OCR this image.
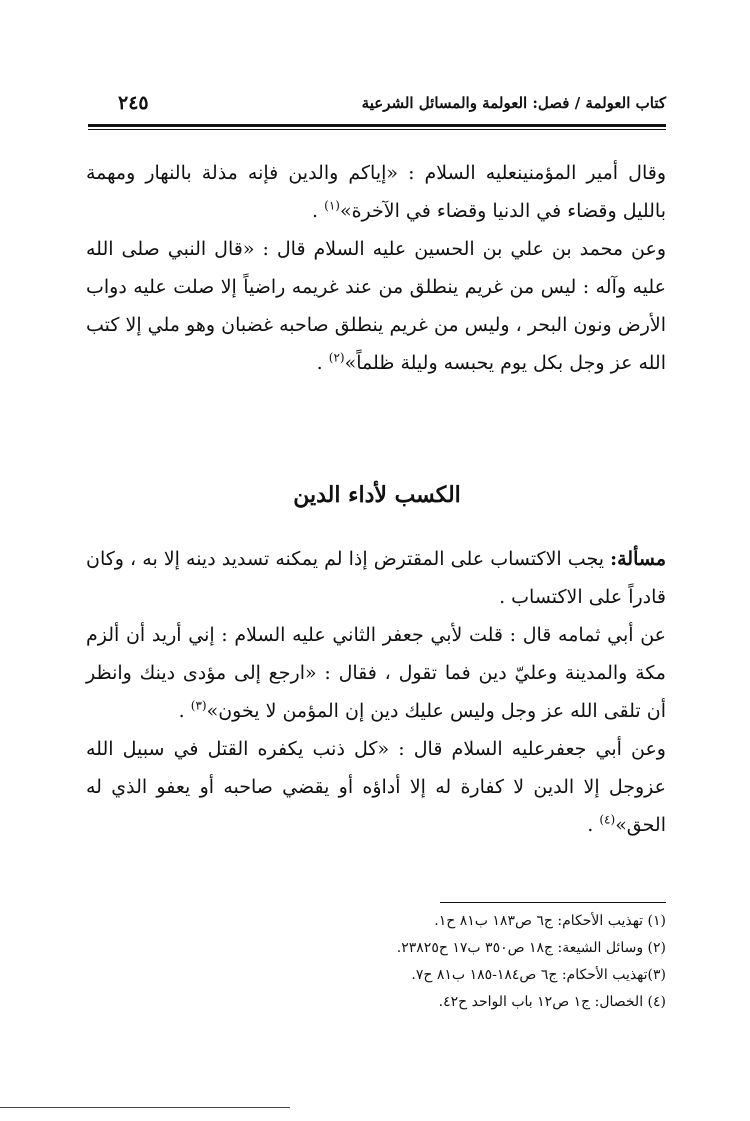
كتاب العولمة / فصل: العولمة والمسائل الشرعية
٢٤٥

وقال أمير المؤمنينعليه السلام : «إياكم والدين فإنه مذلة بالنهار ومهمة بالليل وقضاء في الدنيا وقضاء في الآخرة»$^{(١)}$ .

وعن محمد بن علي بن الحسين عليه السلام قال : «قال النبي صلى الله عليه وآله : ليس من غريم ينطلق من عند غريمه راضياً إلا صلت عليه دواب الأرض ونون البحر ، وليس من غريم ينطلق صاحبه غضبان وهو ملي إلا كتب الله عز وجل بكل يوم يحبسه وليلة ظلماً»$^{(٢)}$ .

الكسب لأداء الدين

مسألة: يجب الاكتساب على المقترض إذا لم يمكنه تسديد دينه إلا به ، وكان قادراً على الاكتساب .

عن أبي ثمامه قال : قلت لأبي جعفر الثاني عليه السلام : إني أريد أن ألزم مكة والمدينة وعليّ دين فما تقول ، فقال : «ارجع إلى مؤدى دينك وانظر أن تلقى الله عز وجل وليس عليك دين إن المؤمن لا يخون»$^{(٣)}$ .

وعن أبي جعفرعليه السلام قال : «كل ذنب يكفره القتل في سبيل الله عزوجل إلا الدين لا كفارة له إلا أداؤه أو يقضي صاحبه أو يعفو الذي له الحق»$^{(٤)}$ .

(١) تهذيب الأحكام: ج٦ ص١٨٣ ب٨١ ح١.

(٢) وسائل الشيعة: ج١٨ ص٣٥٠ ب١٧ ح٢٣٨٢٥.

(٣)تهذيب الأحكام: ج٦ ص١٨٤-١٨٥ ب٨١ ح٧.

(٤) الخصال: ج١ ص١٢ باب الواحد ح٤٢.
